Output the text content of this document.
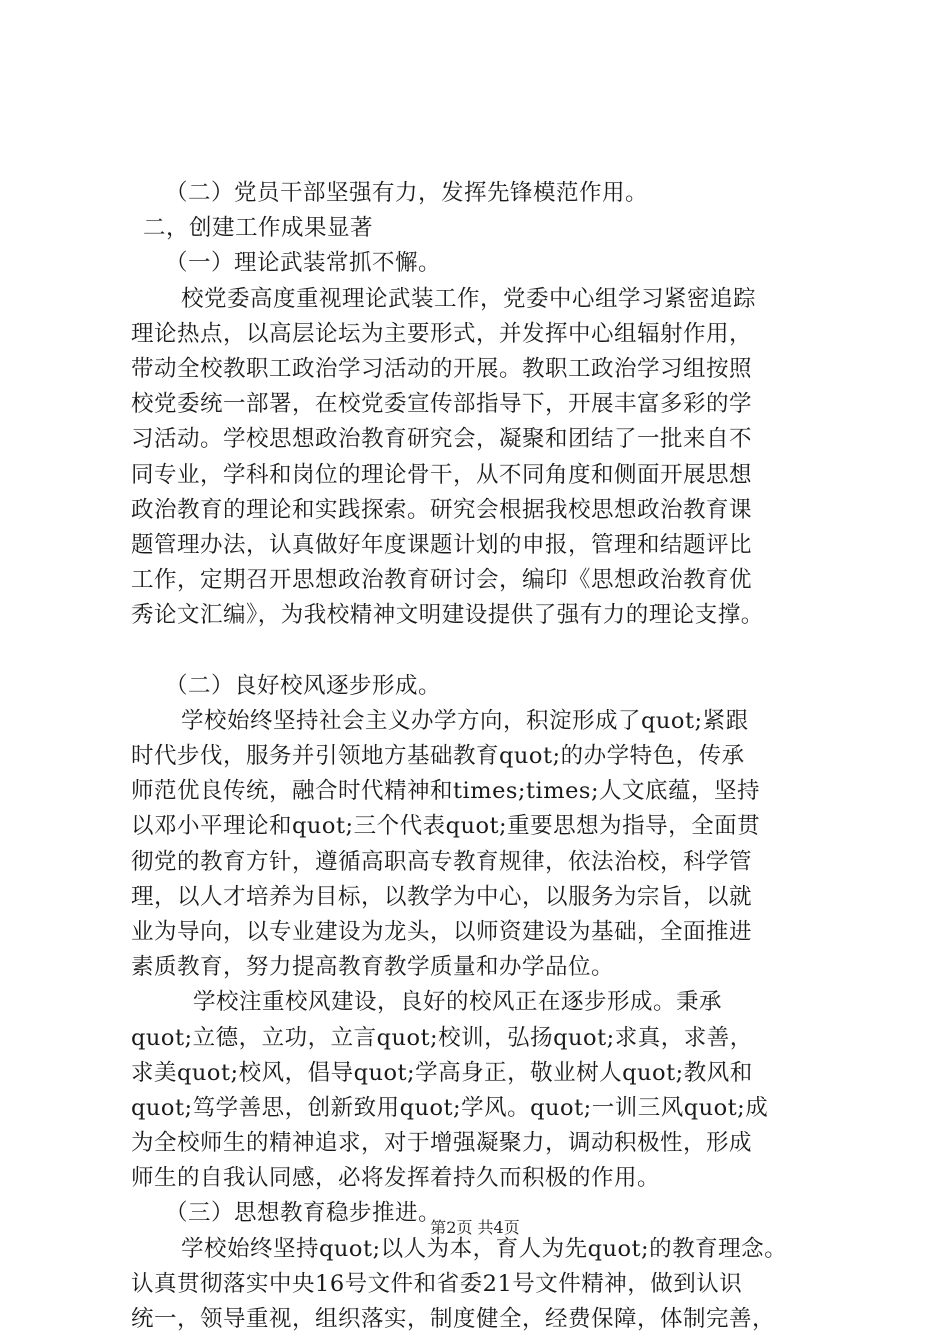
（二）党员干部坚强有力，发挥先锋模范作用。
二，创建工作成果显著
（一）理论武装常抓不懈。
校党委高度重视理论武装工作，党委中心组学习紧密追踪
理论热点，以高层论坛为主要形式，并发挥中心组辐射作用，
带动全校教职工政治学习活动的开展。教职工政治学习组按照
校党委统一部署，在校党委宣传部指导下，开展丰富多彩的学
习活动。学校思想政治教育研究会，凝聚和团结了一批来自不
同专业，学科和岗位的理论骨干，从不同角度和侧面开展思想
政治教育的理论和实践探索。研究会根据我校思想政治教育课
题管理办法，认真做好年度课题计划的申报，管理和结题评比
工作，定期召开思想政治教育研讨会，编印《思想政治教育优
秀论文汇编》，为我校精神文明建设提供了强有力的理论支撑。
（二）良好校风逐步形成。
学校始终坚持社会主义办学方向，积淀形成了quot;紧跟
时代步伐，服务并引领地方基础教育quot;的办学特色，传承
师范优良传统，融合时代精神和times;times;人文底蕴，坚持
以邓小平理论和quot;三个代表quot;重要思想为指导，全面贯
彻党的教育方针，遵循高职高专教育规律，依法治校，科学管
理，以人才培养为目标，以教学为中心，以服务为宗旨，以就
业为导向，以专业建设为龙头，以师资建设为基础，全面推进
素质教育，努力提高教育教学质量和办学品位。
学校注重校风建设，良好的校风正在逐步形成。秉承
quot;立德，立功，立言quot;校训，弘扬quot;求真，求善，
求美quot;校风，倡导quot;学高身正，敬业树人quot;教风和
quot;笃学善思，创新致用quot;学风。quot;一训三风quot;成
为全校师生的精神追求，对于增强凝聚力，调动积极性，形成
师生的自我认同感，必将发挥着持久而积极的作用。
（三）思想教育稳步推进。
学校始终坚持quot;以人为本，育人为先quot;的教育理念。
认真贯彻落实中央16号文件和省委21号文件精神，做到认识
统一，领导重视，组织落实，制度健全，经费保障，体制完善，
第2页 共4页
